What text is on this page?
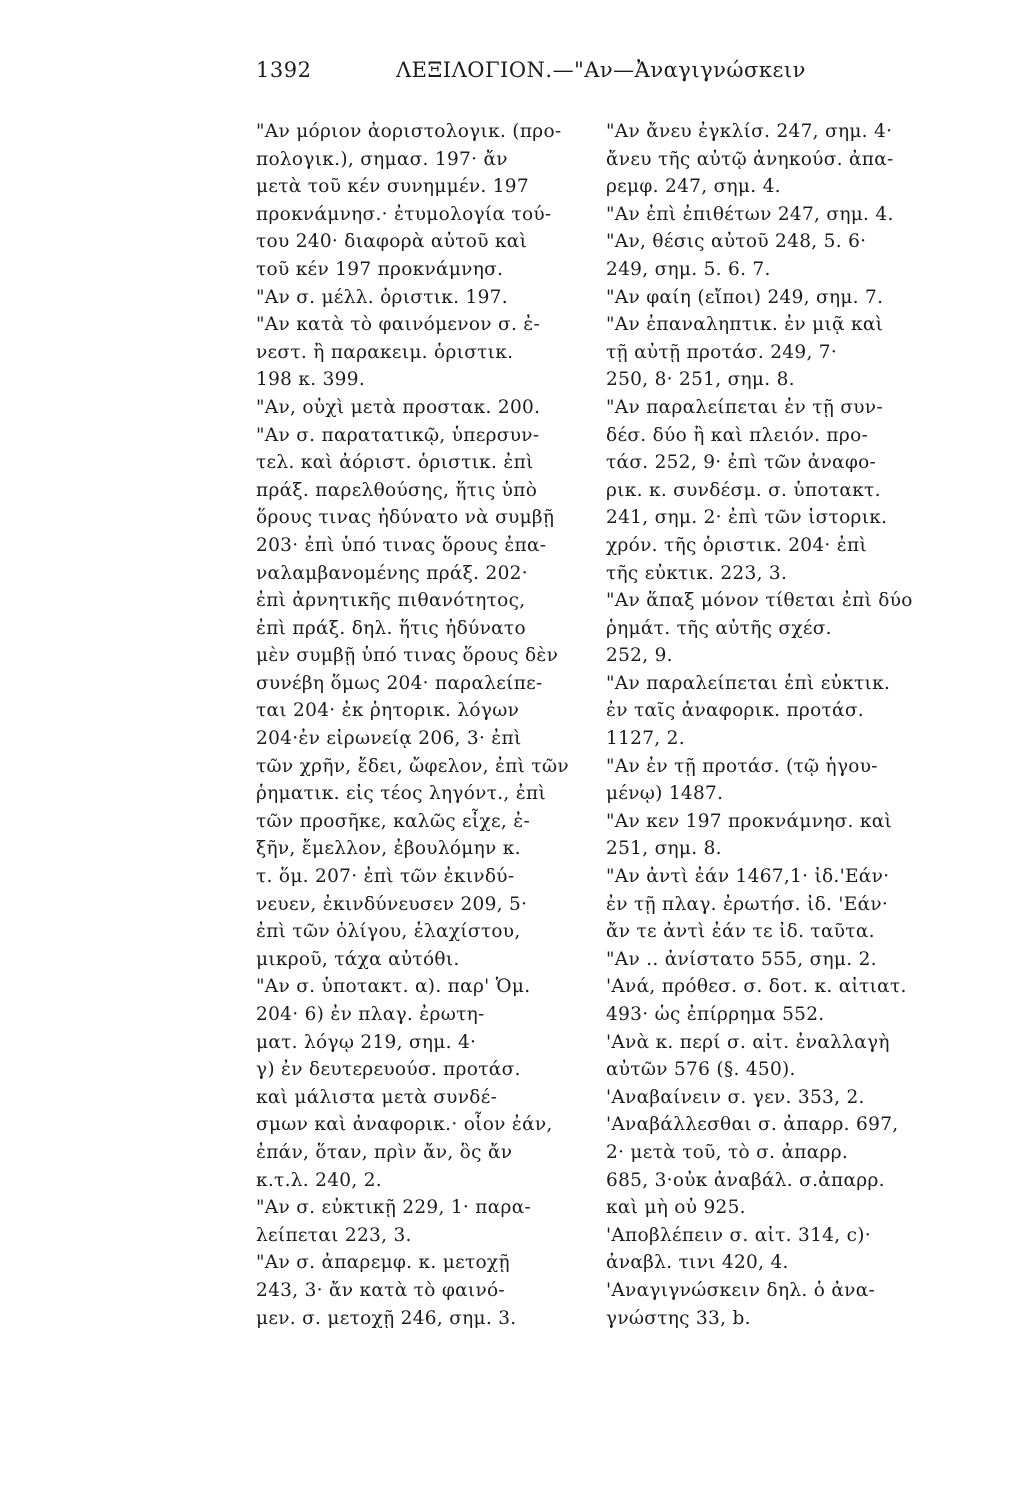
1392	ΛΕΞΙΛΟΓΙΟΝ.—"Αν—Ἀναγιγνώσκειν
"Αν μόριον ἀοριστολογικ. (προ-
πολογικ.), σημασ. 197· ἄν
μετὰ τοῦ κέν συνημμέν. 197
προκνάμνησ.· ἐτυμολογία τού-
του 240· διαφορὰ αὐτοῦ καὶ
τοῦ κέν 197 προκνάμνησ.
"Αν σ. μέλλ. ὁριστικ. 197.
"Αν κατὰ τὸ φαινόμενον σ. ἐ-
νεστ. ἢ παρακειμ. ὁριστικ.
198 κ. 399.
"Αν, οὐχὶ μετὰ προστακ. 200.
"Αν σ. παρατατικῷ, ὑπερσυν-
τελ. καὶ ἀόριστ. ὁριστικ. ἐπὶ
πράξ. παρελθούσης, ἥτις ὑπὸ
ὅρους τινας ἠδύνατο νὰ συμβῇ
203· ἐπὶ ὑπό τινας ὅρους ἐπα-
ναλαμβανομένης πράξ. 202·
ἐπὶ ἀρνητικῆς πιθανότητος,
ἐπὶ πράξ. δηλ. ἥτις ἠδύνατο
μὲν συμβῇ ὑπό τινας ὅρους δὲν
συνέβη ὅμως 204· παραλείπε-
ται 204· ἐκ ῥητορικ. λόγων
204·ἐν εἰρωνείᾳ 206, 3· ἐπὶ
τῶν χρῆν, ἔδει, ὤφελον, ἐπὶ τῶν
ῥηματικ. εἰς τέος ληγόντ., ἐπὶ
τῶν προσῆκε, καλῶς εἶχε, ἐ-
ξῆν, ἔμελλον, ἐβουλόμην κ.
τ. ὅμ. 207· ἐπὶ τῶν ἐκινδύ-
νευεν, ἐκινδύνευσεν 209, 5·
ἐπὶ τῶν ὀλίγου, ἐλαχίστου,
μικροῦ, τάχα αὐτόθι.
"Αν σ. ὑποτακτ. α). παρ' Ὁμ.
204· 6) ἐν πλαγ. ἐρωτη-
ματ. λόγῳ 219, σημ. 4·
γ) ἐν δευτερευούσ. προτάσ.
καὶ μάλιστα μετὰ συνδέ-
σμων καὶ ἀναφορικ.· οἷον ἐάν,
ἐπάν, ὅταν, πρὶν ἄν, ὃς ἄν
κ.τ.λ. 240, 2.
"Αν σ. εὐκτικῇ 229, 1· παρα-
λείπεται 223, 3.
"Αν σ. ἀπαρεμφ. κ. μετοχῇ
243, 3· ἄν κατὰ τὸ φαινό-
μεν. σ. μετοχῇ 246, σημ. 3.
"Αν ἄνευ ἐγκλίσ. 247, σημ. 4·
ἄνευ τῆς αὐτῷ ἀνηκούσ. ἀπα-
ρεμφ. 247, σημ. 4.
"Αν ἐπὶ ἐπιθέτων 247, σημ. 4.
"Αν, θέσις αὐτοῦ 248, 5. 6·
249, σημ. 5. 6. 7.
"Αν φαίη (εἴποι) 249, σημ. 7.
"Αν ἐπαναληπτικ. ἐν μιᾷ καὶ
τῇ αὐτῇ προτάσ. 249, 7·
250, 8· 251, σημ. 8.
"Αν παραλείπεται ἐν τῇ συν-
δέσ. δύο ἢ καὶ πλειόν. προ-
τάσ. 252, 9· ἐπὶ τῶν ἀναφο-
ρικ. κ. συνδέσμ. σ. ὑποτακτ.
241, σημ. 2· ἐπὶ τῶν ἱστορικ.
χρόν. τῆς ὁριστικ. 204· ἐπὶ
τῆς εὐκτικ. 223, 3.
"Αν ἅπαξ μόνον τίθεται ἐπὶ δύο
ῥημάτ. τῆς αὐτῆς σχέσ.
252, 9.
"Αν παραλείπεται ἐπὶ εὐκτικ.
ἐν ταῖς ἀναφορικ. προτάσ.
1127, 2.
"Αν ἐν τῇ προτάσ. (τῷ ἡγου-
μένῳ) 1487.
"Αν κεν 197 προκνάμνησ. καὶ
251, σημ. 8.
"Αν ἀντὶ ἐάν 1467,1· ἰδ.'Εάν·
ἐν τῇ πλαγ. ἐρωτήσ. ἰδ. 'Εάν·
ἄν τε ἀντὶ ἐάν τε ἰδ. ταῦτα.
"Αν .. ἀνίστατο 555, σημ. 2.
'Ανά, πρόθεσ. σ. δοτ. κ. αἰτιατ.
493· ὡς ἐπίρρημα 552.
'Ανὰ κ. περί σ. αἰτ. ἐναλλαγὴ
αὐτῶν 576 (§. 450).
'Αναβαίνειν σ. γεν. 353, 2.
'Αναβάλλεσθαι σ. ἀπαρρ. 697,
2· μετὰ τοῦ, τὸ σ. ἀπαρρ.
685, 3·οὐκ ἀναβάλ. σ.ἀπαρρ.
καὶ μὴ οὐ 925.
'Αποβλέπειν σ. αἰτ. 314, c)·
ἀναβλ. τινι 420, 4.
'Αναγιγνώσκειν δηλ. ὁ ἀνα-
γνώστης 33, b.
